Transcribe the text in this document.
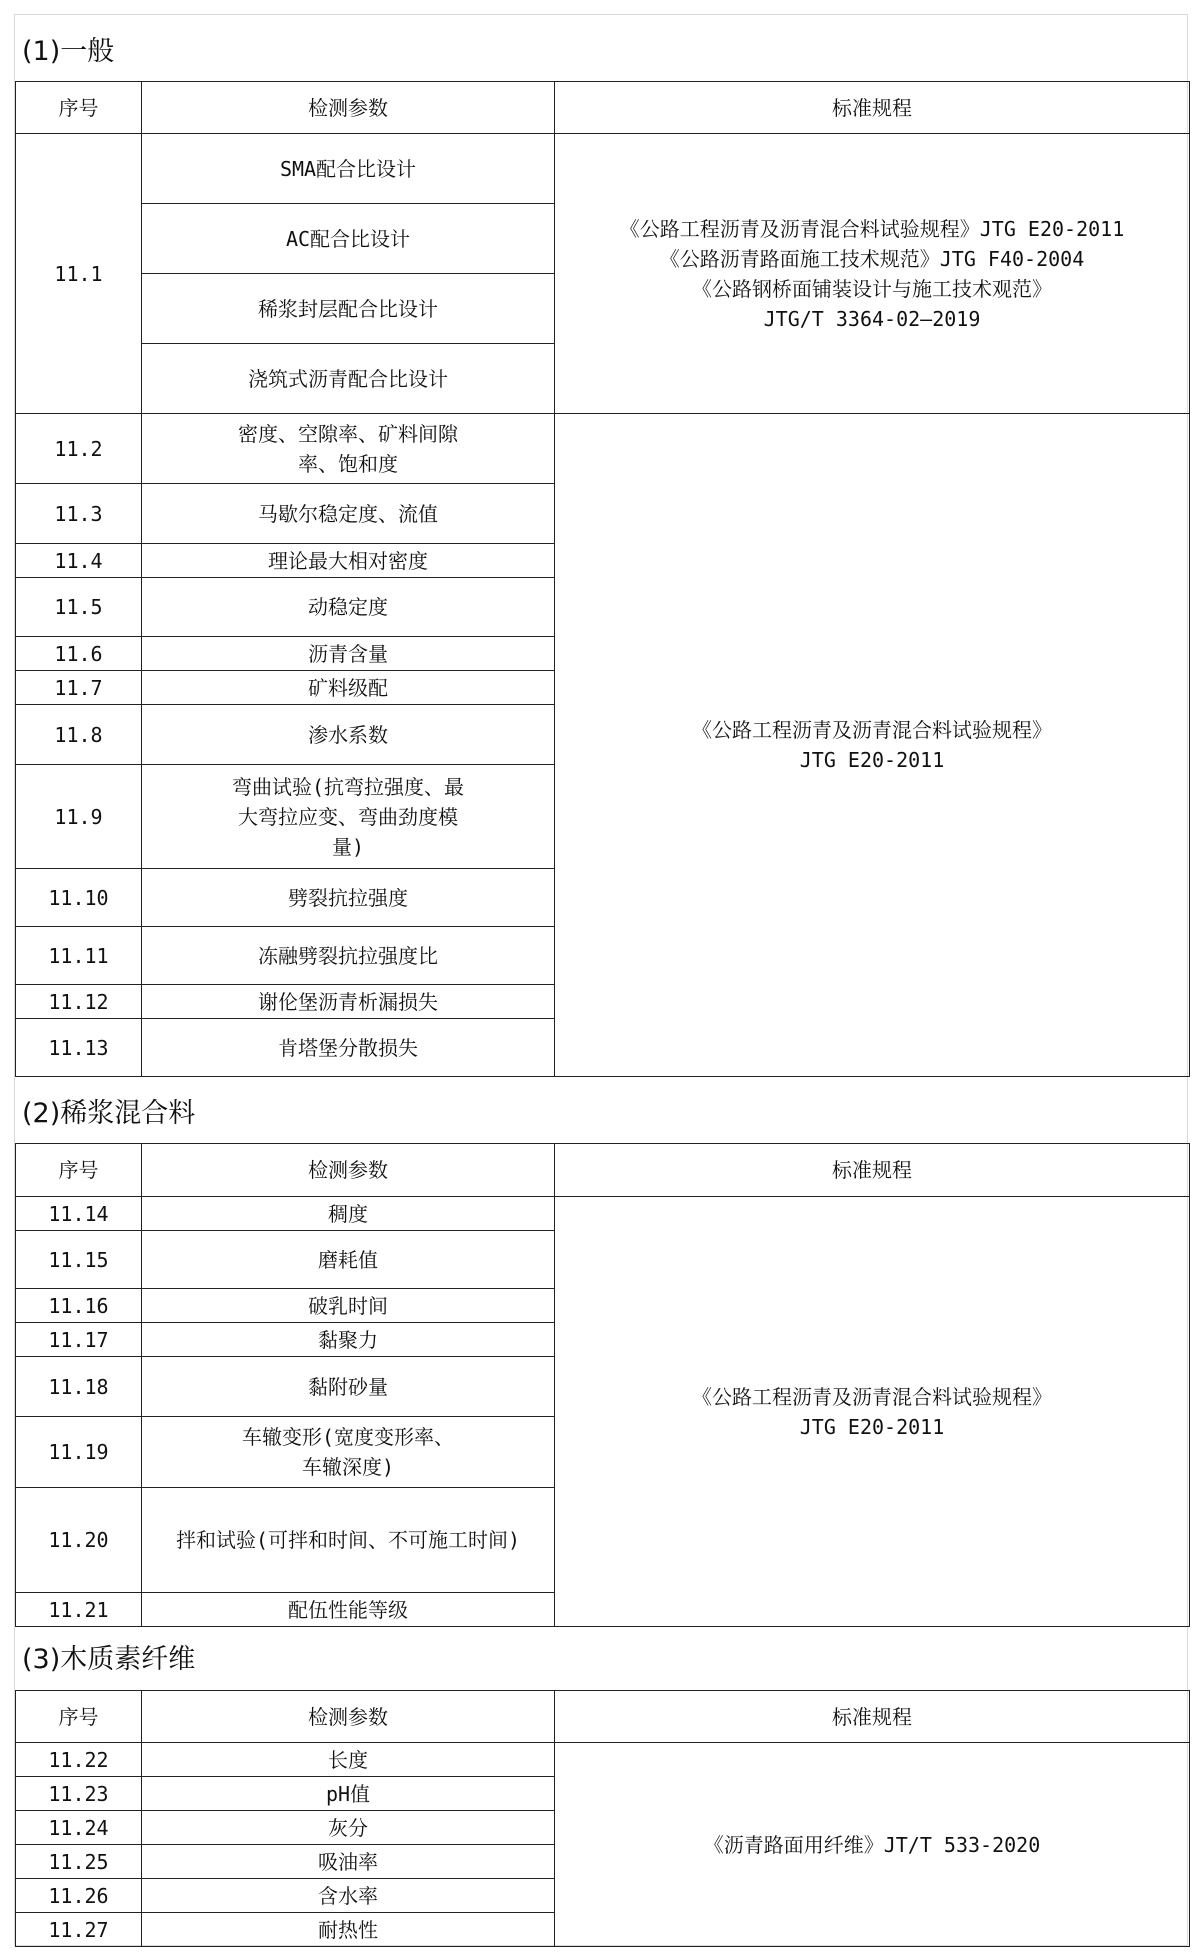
(1)一般
序号	检测参数	标准规程
11.1	SMA配合比设计	《公路工程沥青及沥青混合料试验规程》JTG E20-2011
《公路沥青路面施工技术规范》JTG F40-2004
《公路钢桥面铺装设计与施工技术观范》
JTG/T 3364-02—2019

	AC配合比设计	
	稀浆封层配合比设计	
	浇筑式沥青配合比设计	
11.2	密度、空隙率、矿料间隙率、饱和度	《公路工程沥青及沥青混合料试验规程》
JTG E20-2011

11.3	马歇尔稳定度、流值	
11.4	理论最大相对密度	
11.5	动稳定度	
11.6	沥青含量	
11.7	矿料级配	
11.8	渗水系数	
11.9	弯曲试验(抗弯拉强度、最大弯拉应变、弯曲劲度模量)	
11.10	劈裂抗拉强度	
11.11	冻融劈裂抗拉强度比	
11.12	谢伦堡沥青析漏损失	
11.13	肯塔堡分散损失	
(2)稀浆混合料
序号	检测参数	标准规程
11.14	稠度	《公路工程沥青及沥青混合料试验规程》
JTG E20-2011

11.15	磨耗值	
11.16	破乳时间	
11.17	黏聚力	
11.18	黏附砂量	
11.19	车辙变形(宽度变形率、车辙深度)	
11.20	拌和试验(可拌和时间、不可施工时间)	
11.21	配伍性能等级	
(3)木质素纤维
序号	检测参数	标准规程
11.22	长度	《沥青路面用纤维》JT/T 533-2020

11.23	pH值	
11.24	灰分	
11.25	吸油率	
11.26	含水率	
11.27	耐热性	
